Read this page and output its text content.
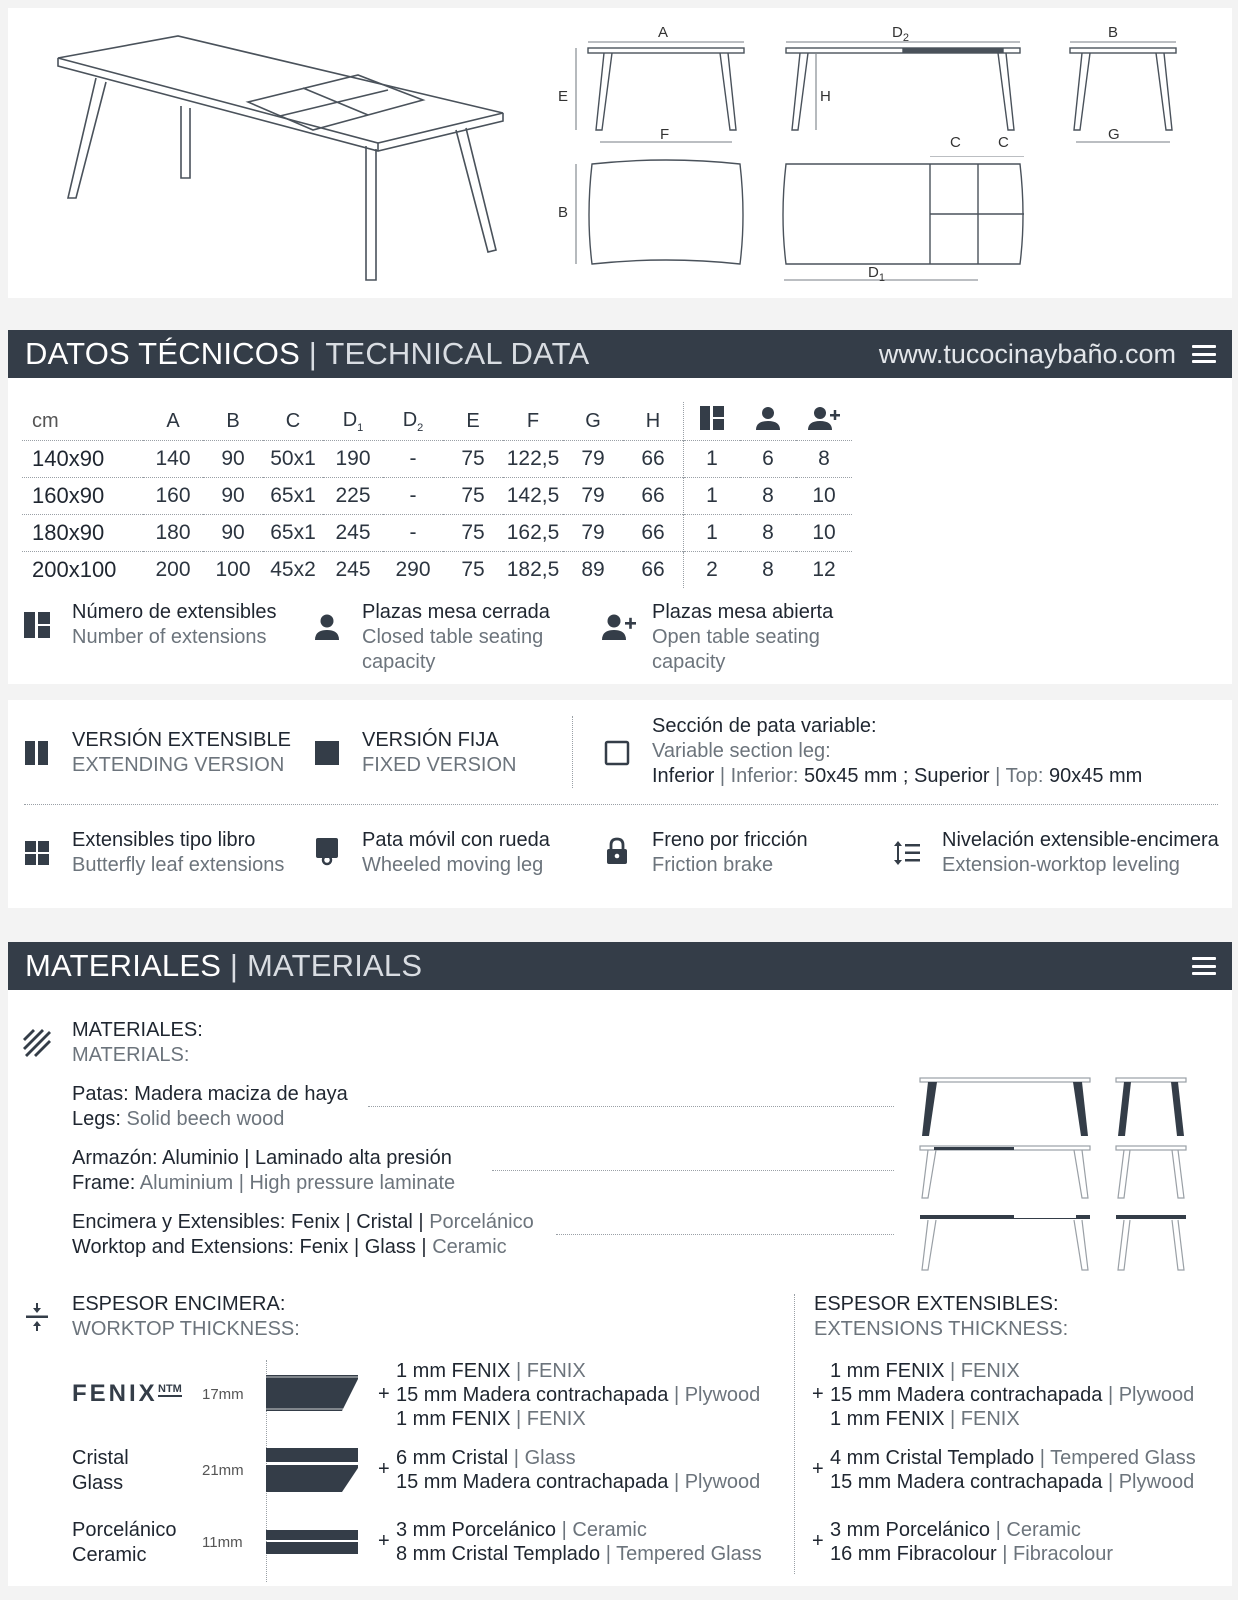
A
E
F
$D_2$
H
B
G
B
C C
$D_1$
DATOS TÉCNICOS | TECHNICAL DATA	www.tucocinaybaño.com
cm	A	B	C	$D_1$	$D_2$	E	F	G	H			
140x90	140	90	50x1	190	-	75	122,5	79	66	1	6	8
160x90	160	90	65x1	225	-	75	142,5	79	66	1	8	10
180x90	180	90	65x1	245	-	75	162,5	79	66	1	8	10
200x100	200	100	45x2	245	290	75	182,5	89	66	2	8	12
Número de extensibles
Number of extensions
Plazas mesa cerrada
Closed table seating
capacity
Plazas mesa abierta
Open table seating
capacity
VERSIÓN EXTENSIBLE
EXTENDING VERSION
VERSIÓN FIJA
FIXED VERSION
Sección de pata variable:
Variable section leg:
Inferior | Inferior: 50x45 mm ; Superior | Top: 90x45 mm
Extensibles tipo libro
Butterfly leaf extensions
Pata móvil con rueda
Wheeled moving leg
Freno por fricción
Friction brake
Nivelación extensible-encimera
Extension-worktop leveling
MATERIALES | MATERIALS
MATERIALES:
MATERIALS:
Patas: Madera maciza de haya
Legs: Solid beech wood
Armazón: Aluminio | Laminado alta presión
Frame: Aluminium | High pressure laminate
Encimera y Extensibles: Fenix | Cristal | Porcelánico
Worktop and Extensions: Fenix | Glass | Ceramic
ESPESOR ENCIMERA:
WORKTOP THICKNESS:
ESPESOR EXTENSIBLES:
EXTENSIONS THICKNESS:
FENIX NTM 17mm
1 mm FENIX | FENIX
15 mm Madera contrachapada | Plywood
1 mm FENIX | FENIX
+
1 mm FENIX | FENIX
15 mm Madera contrachapada | Plywood
1 mm FENIX | FENIX
+
Cristal
Glass
21mm
6 mm Cristal | Glass
15 mm Madera contrachapada | Plywood
+	4 mm Cristal Templado | Tempered Glass
15 mm Madera contrachapada | Plywood
+
Porcelánico
Ceramic
11mm
3 mm Porcelánico | Ceramic
8 mm Cristal Templado | Tempered Glass
+	3 mm Porcelánico | Ceramic
16 mm Fibracolour | Fibracolour
+
